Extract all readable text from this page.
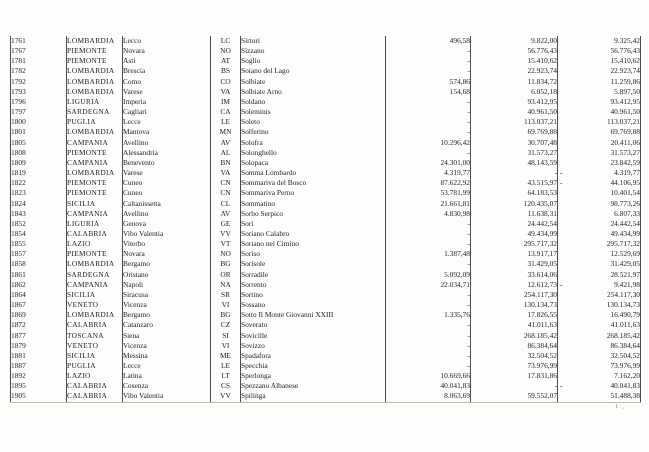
1761	LOMBARDIA	Lecco	LC	Sirtori	496,58	9.822,00	9.325,42
1767	PIEMONTE	Novara	NO	Sizzano	-	56.776,43	56.776,43
1781	PIEMONTE	Asti	AT	Soglio	-	15.410,62	15.410,62
1782	LOMBARDIA	Brescia	BS	Soiano del Lago	-	22.923,74	22.923,74
1792	LOMBARDIA	Como	CO	Solbiate	574,86	11.834,72	11.259,86
1793	LOMBARDIA	Varese	VA	Solbiate Arno	154,68	6.052,18	5.897,50
1796	LIGURIA	Imperia	IM	Soldano	-	93.412,95	93.412,95
1797	SARDEGNA	Cagliari	CA	Soleminis	-	40.961,50	40.961,50
1800	PUGLIA	Lecce	LE	Soleto	-	113.037,21	113.037,21
1801	LOMBARDIA	Mantova	MN	Solferino	-	69.769,88	69.769,88
1805	CAMPANIA	Avellino	AV	Solofra	10.296,42	30.707,48	20.411,06
1808	PIEMONTE	Alessandria	AL	Solonghello	-	31.573,27	31.573,27
1809	CAMPANIA	Benevento	BN	Solopaca	24.301,00	48.143,59	23.842,59
1819	LOMBARDIA	Varese	VA	Somma Lombardo	4.319,77	-	- 4.319,77
1822	PIEMONTE	Cuneo	CN	Sommariva del Bosco	87.622,92	43.515,97	- 44.106,95
1823	PIEMONTE	Cuneo	CN	Sommariva Perno	53.781,99	64.183,53	10.401,54
1824	SICILIA	Caltanissetta	CL	Sommatino	21.661,81	120.435,07	98.773,26
1843	CAMPANIA	Avellino	AV	Sorbo Serpico	4.830,98	11.638,31	6.807,33
1852	LIGURIA	Genova	GE	Sori	-	24.442,54	24.442,54
1854	CALABRIA	Vibo Valentia	VV	Soriano Calabro	-	49.434,99	49.434,99
1855	LAZIO	Viterbo	VT	Soriano nel Cimino	-	295.717,32	295.717,32
1857	PIEMONTE	Novara	NO	Soriso	1.387,48	13.917,17	12.529,69
1858	LOMBARDIA	Bergamo	BG	Sorisole	-	31.429,05	31.429,05
1861	SARDEGNA	Oristano	OR	Sorradile	5.092,09	33.614,06	28.521,97
1862	CAMPANIA	Napoli	NA	Sorrento	22.034,71	12.612,73	- 9.421,98
1864	SICILIA	Siracusa	SR	Sortino	-	254.117,30	254.117,30
1867	VENETO	Vicenza	VI	Sossano	-	130.134,73	130.134,73
1869	LOMBARDIA	Bergamo	BG	Sotto Il Monte Giovanni XXIII	1.335,76	17.826,55	16.490,79
1872	CALABRIA	Catanzaro	CZ	Soverato	-	41.011,63	41.011,63
1877	TOSCANA	Siena	SI	Sovicille	-	268.185,42	268.185,42
1879	VENETO	Vicenza	VI	Sovizzo	-	86.384,64	86.384,64
1881	SICILIA	Messina	ME	Spadafora	-	32.504,52	32.504,52
1887	PUGLIA	Lecce	LE	Specchia	-	73.976,99	73.976,99
1892	LAZIO	Latina	LT	Sperlonga	10.669,66	17.831,86	7.162,20
1895	CALABRIA	Cosenza	CS	Spezzano Albanese	40.041,83	-	- 40.041,83
1905	CALABRIA	Vibo Valentia	VV	Spilinga	8.063,69	59.552,07	51.488,38
1·,
